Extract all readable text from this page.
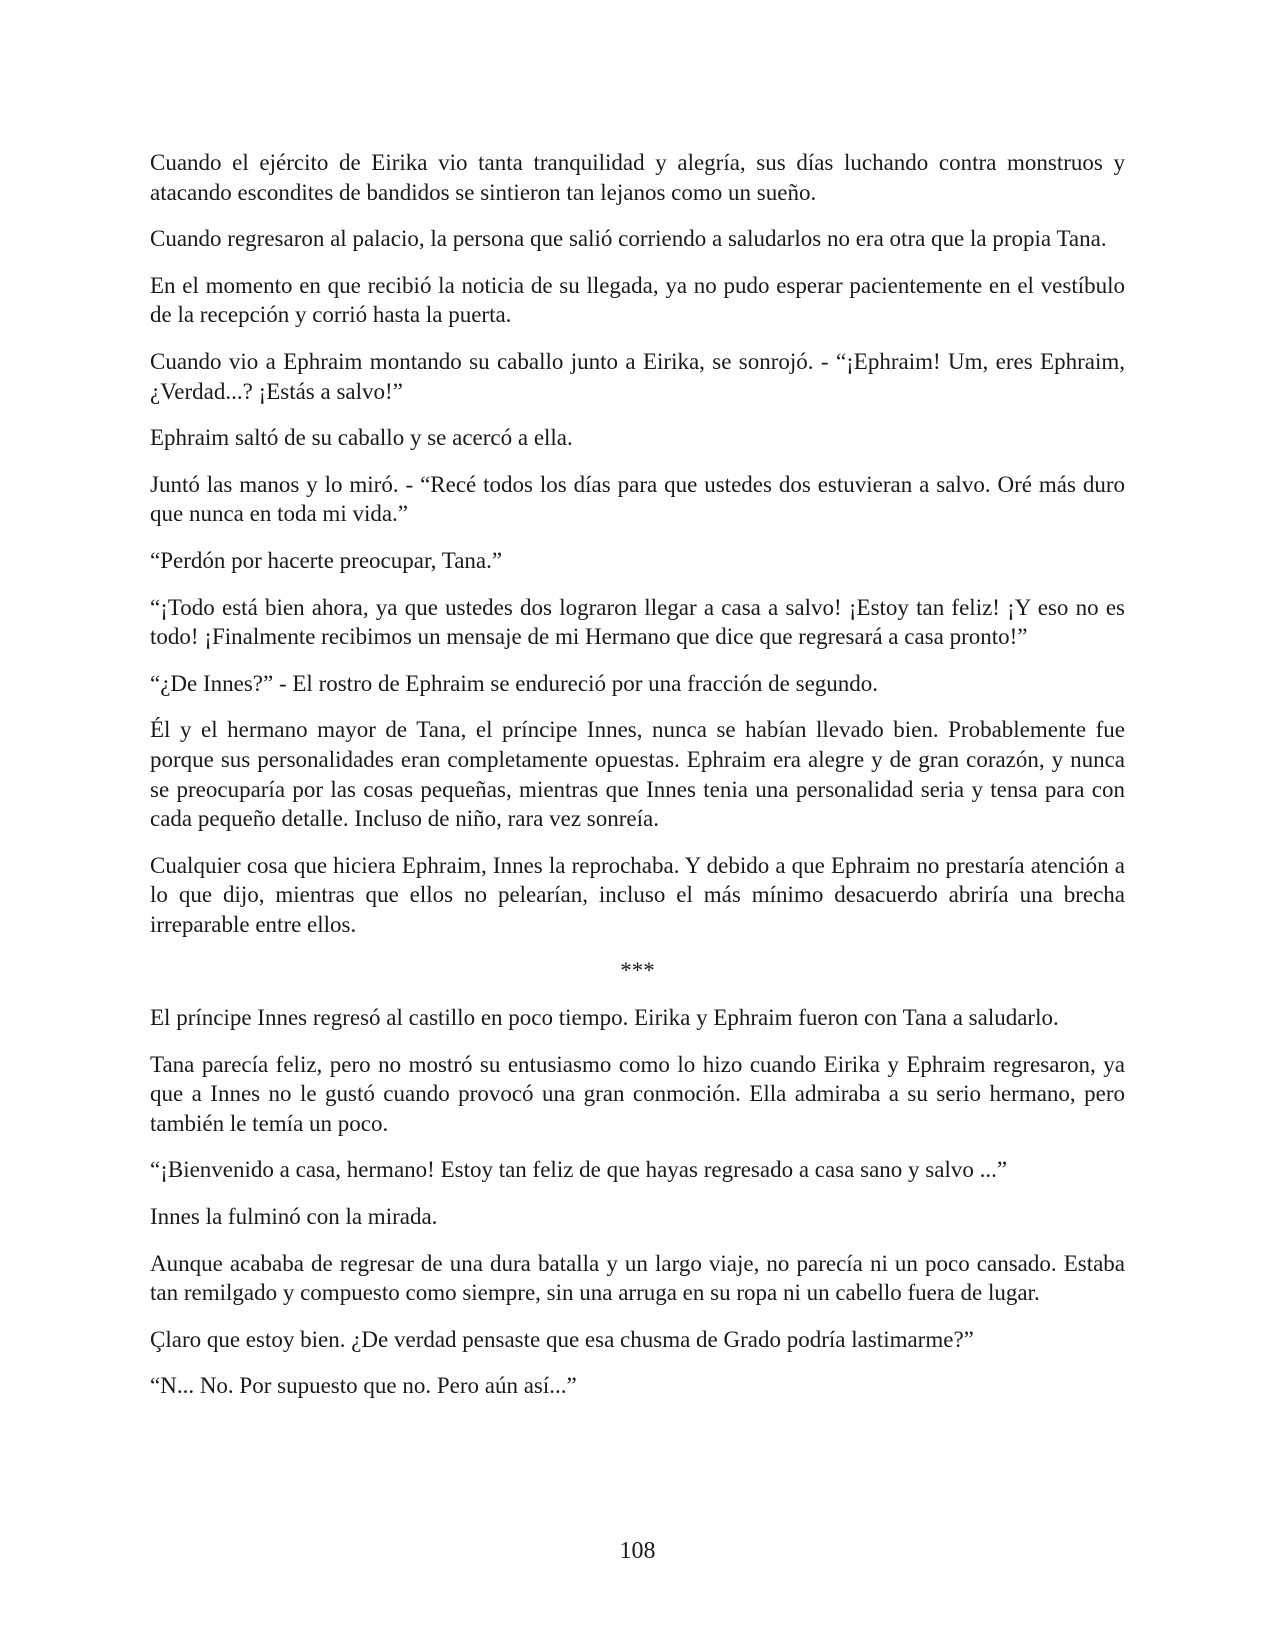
Cuando el ejército de Eirika vio tanta tranquilidad y alegría, sus días luchando contra monstruos y atacando escondites de bandidos se sintieron tan lejanos como un sueño.

Cuando regresaron al palacio, la persona que salió corriendo a saludarlos no era otra que la propia Tana.

En el momento en que recibió la noticia de su llegada, ya no pudo esperar pacientemente en el vestíbulo de la recepción y corrió hasta la puerta.

Cuando vio a Ephraim montando su caballo junto a Eirika, se sonrojó. - “¡Ephraim! Um, eres Ephraim, ¿Verdad...? ¡Estás a salvo!”

Ephraim saltó de su caballo y se acercó a ella.

Juntó las manos y lo miró. - “Recé todos los días para que ustedes dos estuvieran a salvo. Oré más duro que nunca en toda mi vida.”

“Perdón por hacerte preocupar, Tana.”

“¡Todo está bien ahora, ya que ustedes dos lograron llegar a casa a salvo! ¡Estoy tan feliz! ¡Y eso no es todo! ¡Finalmente recibimos un mensaje de mi Hermano que dice que regresará a casa pronto!”

“¿De Innes?” - El rostro de Ephraim se endureció por una fracción de segundo.

Él y el hermano mayor de Tana, el príncipe Innes, nunca se habían llevado bien. Probablemente fue porque sus personalidades eran completamente opuestas. Ephraim era alegre y de gran corazón, y nunca se preocuparía por las cosas pequeñas, mientras que Innes tenia una personalidad seria y tensa para con cada pequeño detalle. Incluso de niño, rara vez sonreía.

Cualquier cosa que hiciera Ephraim, Innes la reprochaba. Y debido a que Ephraim no prestaría atención a lo que dijo, mientras que ellos no pelearían, incluso el más mínimo desacuerdo abriría una brecha irreparable entre ellos.

***

El príncipe Innes regresó al castillo en poco tiempo. Eirika y Ephraim fueron con Tana a saludarlo.

Tana parecía feliz, pero no mostró su entusiasmo como lo hizo cuando Eirika y Ephraim regresaron, ya que a Innes no le gustó cuando provocó una gran conmoción. Ella admiraba a su serio hermano, pero también le temía un poco.

“¡Bienvenido a casa, hermano! Estoy tan feliz de que hayas regresado a casa sano y salvo ...”

Innes la fulminó con la mirada.

Aunque acababa de regresar de una dura batalla y un largo viaje, no parecía ni un poco cansado. Estaba tan remilgado y compuesto como siempre, sin una arruga en su ropa ni un cabello fuera de lugar.

Çlaro que estoy bien. ¿De verdad pensaste que esa chusma de Grado podría lastimarme?”

“N... No. Por supuesto que no. Pero aún así...”

108
